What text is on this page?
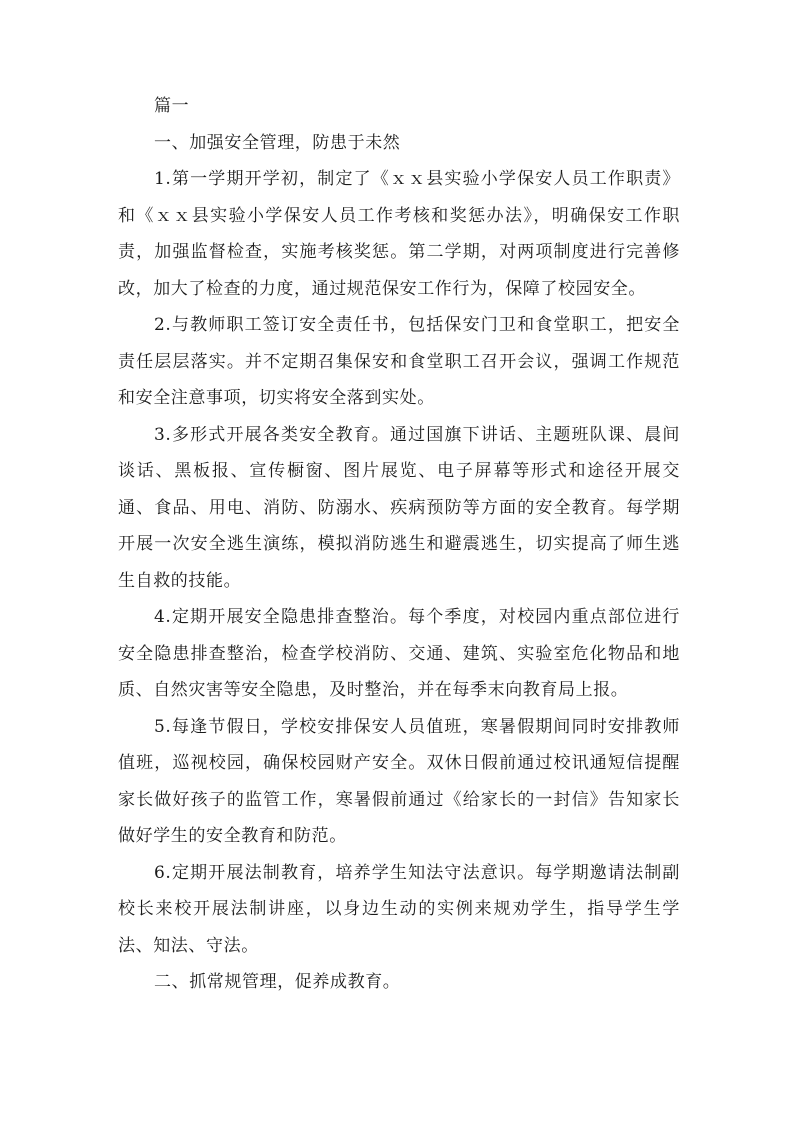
篇一

一、加强安全管理，防患于未然

1.第一学期开学初，制定了《ｘｘ县实验小学保安人员工作职责》和《ｘｘ县实验小学保安人员工作考核和奖惩办法》，明确保安工作职责，加强监督检查，实施考核奖惩。第二学期，对两项制度进行完善修改，加大了检查的力度，通过规范保安工作行为，保障了校园安全。

2.与教师职工签订安全责任书，包括保安门卫和食堂职工，把安全责任层层落实。并不定期召集保安和食堂职工召开会议，强调工作规范和安全注意事项，切实将安全落到实处。

3.多形式开展各类安全教育。通过国旗下讲话、主题班队课、晨间谈话、黑板报、宣传橱窗、图片展览、电子屏幕等形式和途径开展交通、食品、用电、消防、防溺水、疾病预防等方面的安全教育。每学期开展一次安全逃生演练，模拟消防逃生和避震逃生，切实提高了师生逃生自救的技能。

4.定期开展安全隐患排查整治。每个季度，对校园内重点部位进行安全隐患排查整治，检查学校消防、交通、建筑、实验室危化物品和地质、自然灾害等安全隐患，及时整治，并在每季末向教育局上报。

5.每逢节假日，学校安排保安人员值班，寒暑假期间同时安排教师值班，巡视校园，确保校园财产安全。双休日假前通过校讯通短信提醒家长做好孩子的监管工作，寒暑假前通过《给家长的一封信》告知家长做好学生的安全教育和防范。

6.定期开展法制教育，培养学生知法守法意识。每学期邀请法制副校长来校开展法制讲座，以身边生动的实例来规劝学生，指导学生学法、知法、守法。

二、抓常规管理，促养成教育。
